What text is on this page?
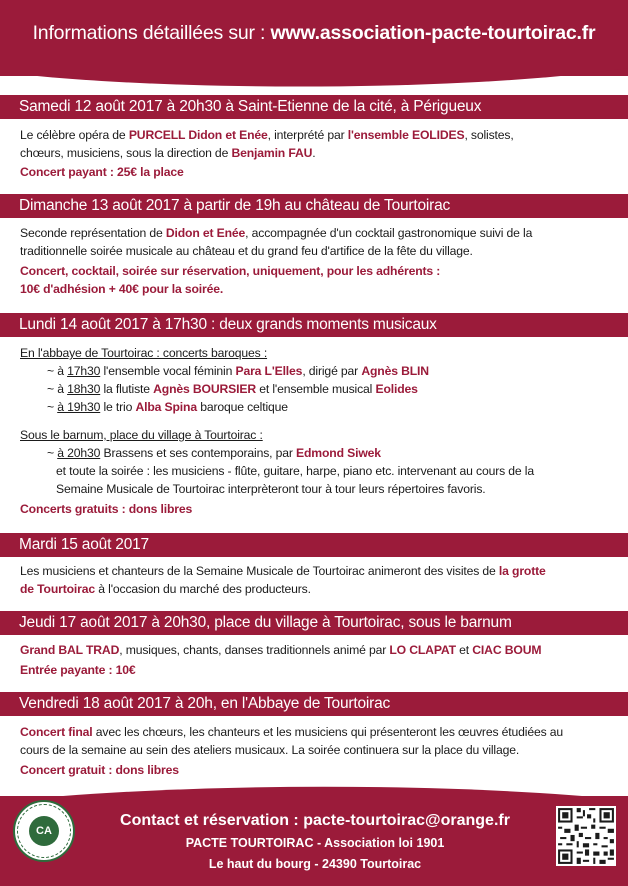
Informations détaillées sur : www.association-pacte-tourtoirac.fr
Samedi 12 août 2017 à 20h30 à Saint-Etienne de la cité, à Périgueux
Le célèbre opéra de PURCELL Didon et Enée, interprété par l'ensemble EOLIDES, solistes,
chœurs, musiciens, sous la direction de Benjamin FAU.
Concert payant : 25€ la place
Dimanche 13 août 2017 à partir de 19h au château de Tourtoirac
Seconde représentation de Didon et Enée, accompagnée d'un cocktail gastronomique suivi de la
traditionnelle soirée musicale au château et du grand feu d'artifice de la fête du village.
Concert, cocktail, soirée sur réservation, uniquement, pour les adhérents :
10€ d'adhésion + 40€ pour la soirée.
Lundi 14 août 2017 à 17h30 : deux grands moments musicaux
En l'abbaye de Tourtoirac : concerts baroques :
~ à 17h30 l'ensemble vocal féminin Para L'Elles, dirigé par Agnès BLIN
~ à 18h30 la flutiste Agnès BOURSIER et l'ensemble musical Eolides
~ à 19h30 le trio Alba Spina baroque celtique
Sous le barnum, place du village à Tourtoirac :
~ à 20h30 Brassens et ses contemporains, par Edmond Siwek
et toute la soirée : les musiciens - flûte, guitare, harpe, piano etc. intervenant au cours de la
Semaine Musicale de Tourtoirac interprèteront tour à tour leurs répertoires favoris.
Concerts gratuits : dons libres
Mardi 15 août 2017
Les musiciens et chanteurs de la Semaine Musicale de Tourtoirac animeront des visites de la grotte
de Tourtoirac à l'occasion du marché des producteurs.
Jeudi 17 août 2017 à 20h30, place du village à Tourtoirac, sous le barnum
Grand BAL TRAD, musiques, chants, danses traditionnels animé par LO CLAPAT et CIAC BOUM
Entrée payante : 10€
Vendredi 18 août 2017 à 20h, en l'Abbaye de Tourtoirac
Concert final avec les chœurs, les chanteurs et les musiciens qui présenteront les œuvres étudiées au
cours de la semaine au sein des ateliers musicaux. La soirée continuera sur la place du village.
Concert gratuit : dons libres
CA
Contact et réservation : pacte-tourtoirac@orange.fr
PACTE TOURTOIRAC - Association loi 1901
Le haut du bourg - 24390 Tourtoirac
